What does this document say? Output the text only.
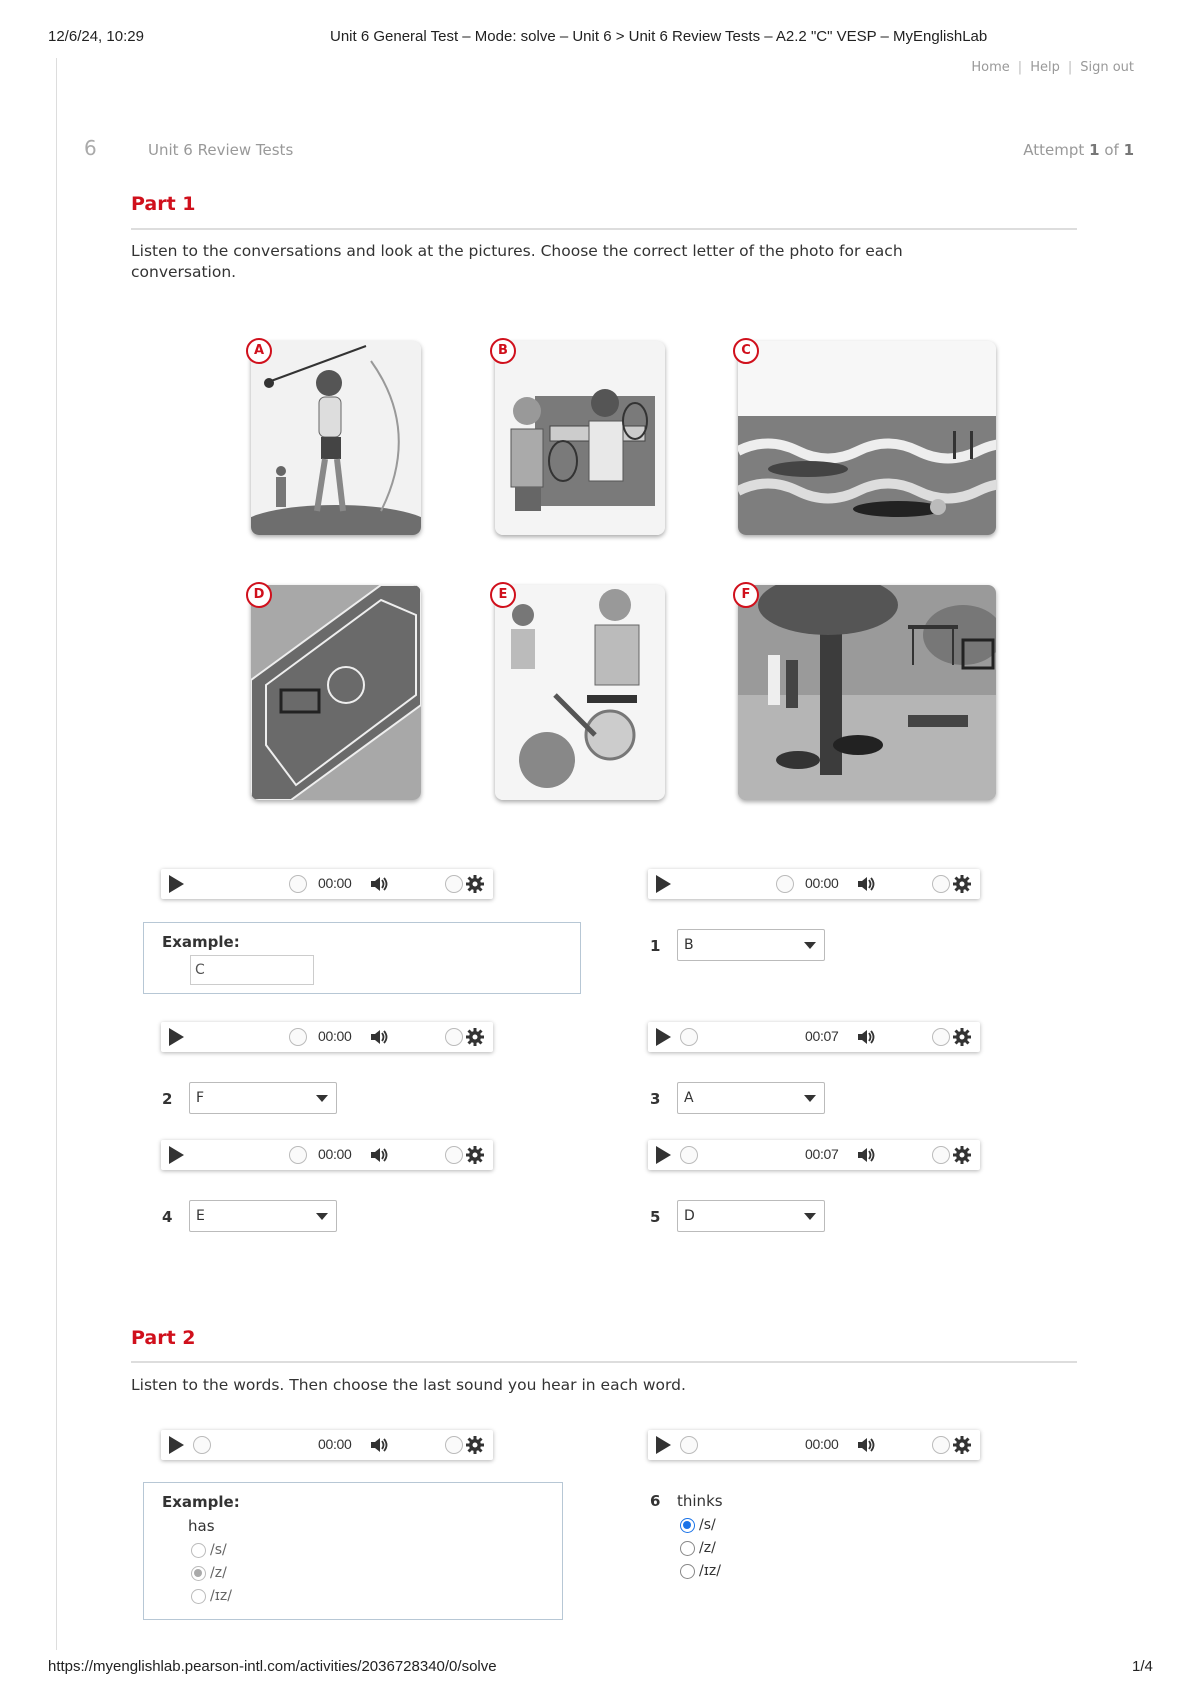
12/6/24, 10:29	Unit 6 General Test – Mode: solve – Unit 6 > Unit 6 Review Tests – A2.2 "C" VESP – MyEnglishLab
Home | Help | Sign out
6	Unit 6 Review Tests	Attempt 1 of 1
Part 1
Listen to the conversations and look at the pictures. Choose the correct letter of the photo for each conversation.
A	B	C
D	E	F
00:00	00:00
Example:
C
1	B
00:00	00:07
2	F	3	A
00:00	00:07
4	E	5	D
Part 2
Listen to the words. Then choose the last sound you hear in each word.
00:00	00:00
Example:
has
/s/
/z/
/ɪz/
6 thinks
/s/
/z/
/ɪz/
https://myenglishlab.pearson-intl.com/activities/2036728340/0/solve	1/4
